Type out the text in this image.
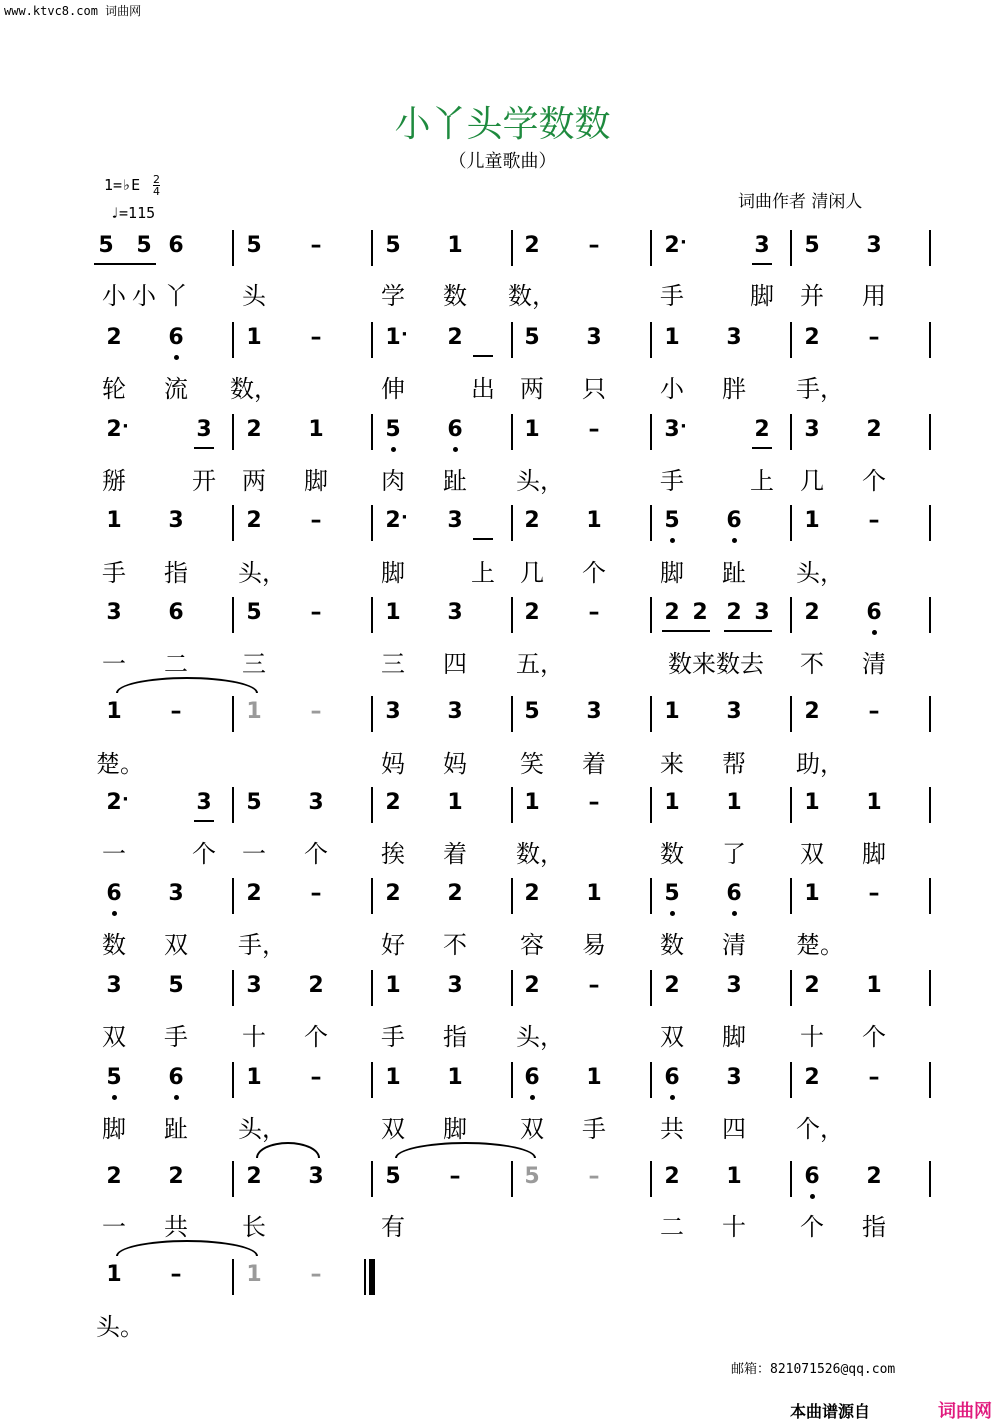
www.ktvc8.com 词曲网
小丫头学数数
（儿童歌曲）
1=♭E 2
4
♩=115
词曲作者 清闲人
5	5 6	5	–	5	1	2	–	2 ·	3	5	3
小 小 丫	头	学	数	数，	手	脚	并	用
2	6	1	–	1 ·	2	5	3	1	3	2	–
轮	流	数，	伸	出	两	只	小	胖	手，
2 ·	3	2	1	5	6	1	–	3 ·	2	3	2
掰	开	两	脚	肉	趾	头，	手	上	几	个
1	3	2	–	2 ·	3	2	1	5	6	1	–
手	指	头，	脚	上	几	个	脚	趾	头，
3	6	5	–	1	3	2	–	2 2 2 3	2	6
一	二	三	三	四	五，	数来数去	不	清
1	–	1	–	3	3	5	3	1	3	2	–
楚。	妈	妈	笑	着	来	帮	助，
2 ·	3	5	3	2	1	1	–	1	1	1	1
一	个	一	个	挨	着	数，	数	了	双	脚
6	3	2	–	2	2	2	1	5	6	1	–
数	双	手，	好	不	容	易	数	清	楚。
3	5	3	2	1	3	2	–	2	3	2	1
双	手	十	个	手	指	头，	双	脚	十	个
5	6	1	–	1	1	6	1	6	3	2	–
脚	趾	头，	双	脚	双	手	共	四	个，
2	2	2	3	5	–	5	–	2	1	6	2
一	共	长	有	二	十	个	指
1	–	1	–
头。
邮箱：821071526@qq.com
本曲谱源自	词曲网
